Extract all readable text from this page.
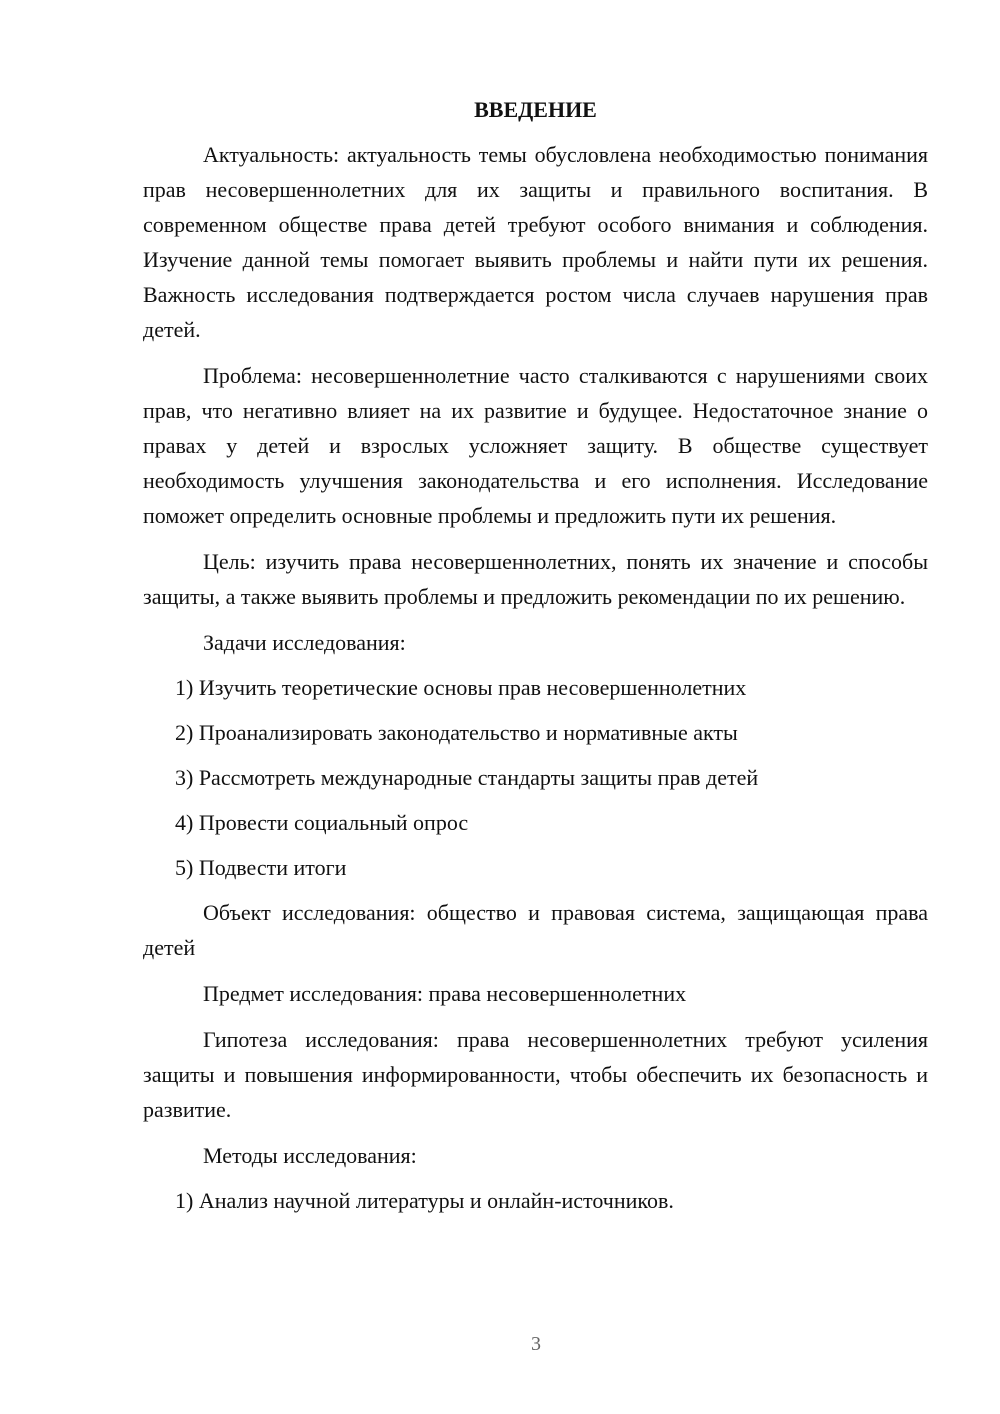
ВВЕДЕНИЕ
Актуальность: актуальность темы обусловлена необходимостью понимания прав несовершеннолетних для их защиты и правильного воспитания. В современном обществе права детей требуют особого внимания и соблюдения. Изучение данной темы помогает выявить проблемы и найти пути их решения. Важность исследования подтверждается ростом числа случаев нарушения прав детей.
Проблема: несовершеннолетние часто сталкиваются с нарушениями своих прав, что негативно влияет на их развитие и будущее. Недостаточное знание о правах у детей и взрослых усложняет защиту. В обществе существует необходимость улучшения законодательства и его исполнения. Исследование поможет определить основные проблемы и предложить пути их решения.
Цель: изучить права несовершеннолетних, понять их значение и способы защиты, а также выявить проблемы и предложить рекомендации по их решению.
Задачи исследования:
1) Изучить теоретические основы прав несовершеннолетних
2) Проанализировать законодательство и нормативные акты
3) Рассмотреть международные стандарты защиты прав детей
4) Провести социальный опрос
5) Подвести итоги
Объект исследования: общество и правовая система, защищающая права детей
Предмет исследования: права несовершеннолетних
Гипотеза исследования: права несовершеннолетних требуют усиления защиты и повышения информированности, чтобы обеспечить их безопасность и развитие.
Методы исследования:
1) Анализ научной литературы и онлайн-источников.
3
